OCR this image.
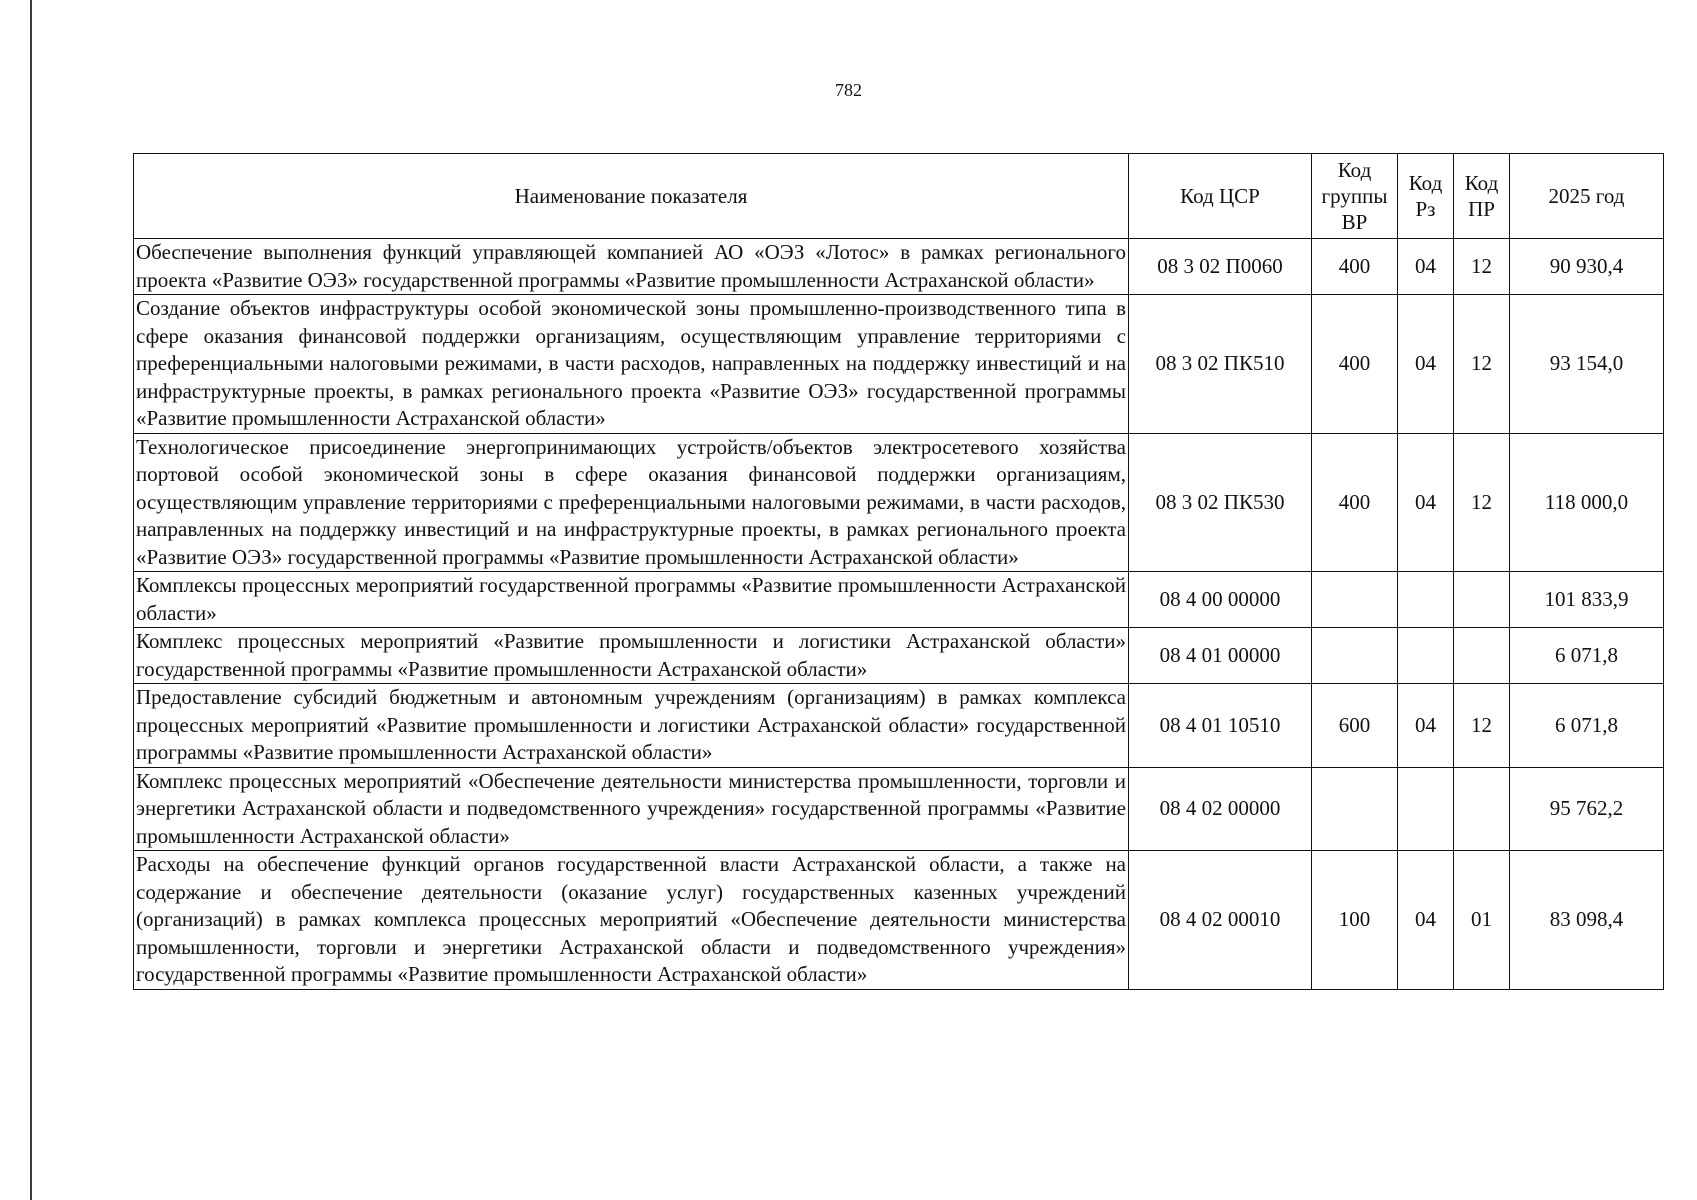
782
Наименование показателя	Код ЦСР	Код группы ВР	Код Рз	Код ПР	2025 год
Обеспечение выполнения функций управляющей компанией АО «ОЭЗ «Лотос» в рамках регионального проекта «Развитие ОЭЗ» государственной программы «Развитие промышленности Астраханской области»	08 3 02 П0060	400	04	12	90 930,4
Создание объектов инфраструктуры особой экономической зоны промышленно-производственного типа в сфере оказания финансовой поддержки организациям, осуществляющим управление территориями с преференциальными налоговыми режимами, в части расходов, направленных на поддержку инвестиций и на инфраструктурные проекты, в рамках регионального проекта «Развитие ОЭЗ» государственной программы «Развитие промышленности Астраханской области»	08 3 02 ПК510	400	04	12	93 154,0
Технологическое присоединение энергопринимающих устройств/объектов электросетевого хозяйства портовой особой экономической зоны в сфере оказания финансовой поддержки организациям, осуществляющим управление территориями с преференциальными налоговыми режимами, в части расходов, направленных на поддержку инвестиций и на инфраструктурные проекты, в рамках регионального проекта «Развитие ОЭЗ» государственной программы «Развитие промышленности Астраханской области»	08 3 02 ПК530	400	04	12	118 000,0
Комплексы процессных мероприятий государственной программы «Развитие промышленности Астраханской области»	08 4 00 00000				101 833,9
Комплекс процессных мероприятий «Развитие промышленности и логистики Астраханской области» государственной программы «Развитие промышленности Астраханской области»	08 4 01 00000				6 071,8
Предоставление субсидий бюджетным и автономным учреждениям (организациям) в рамках комплекса процессных мероприятий «Развитие промышленности и логистики Астраханской области» государственной программы «Развитие промышленности Астраханской области»	08 4 01 10510	600	04	12	6 071,8
Комплекс процессных мероприятий «Обеспечение деятельности министерства промышленности, торговли и энергетики Астраханской области и подведомственного учреждения» государственной программы «Развитие промышленности Астраханской области»	08 4 02 00000				95 762,2
Расходы на обеспечение функций органов государственной власти Астраханской области, а также на содержание и обеспечение деятельности (оказание услуг) государственных казенных учреждений (организаций) в рамках комплекса процессных мероприятий «Обеспечение деятельности министерства промышленности, торговли и энергетики Астраханской области и подведомственного учреждения» государственной программы «Развитие промышленности Астраханской области»	08 4 02 00010	100	04	01	83 098,4
